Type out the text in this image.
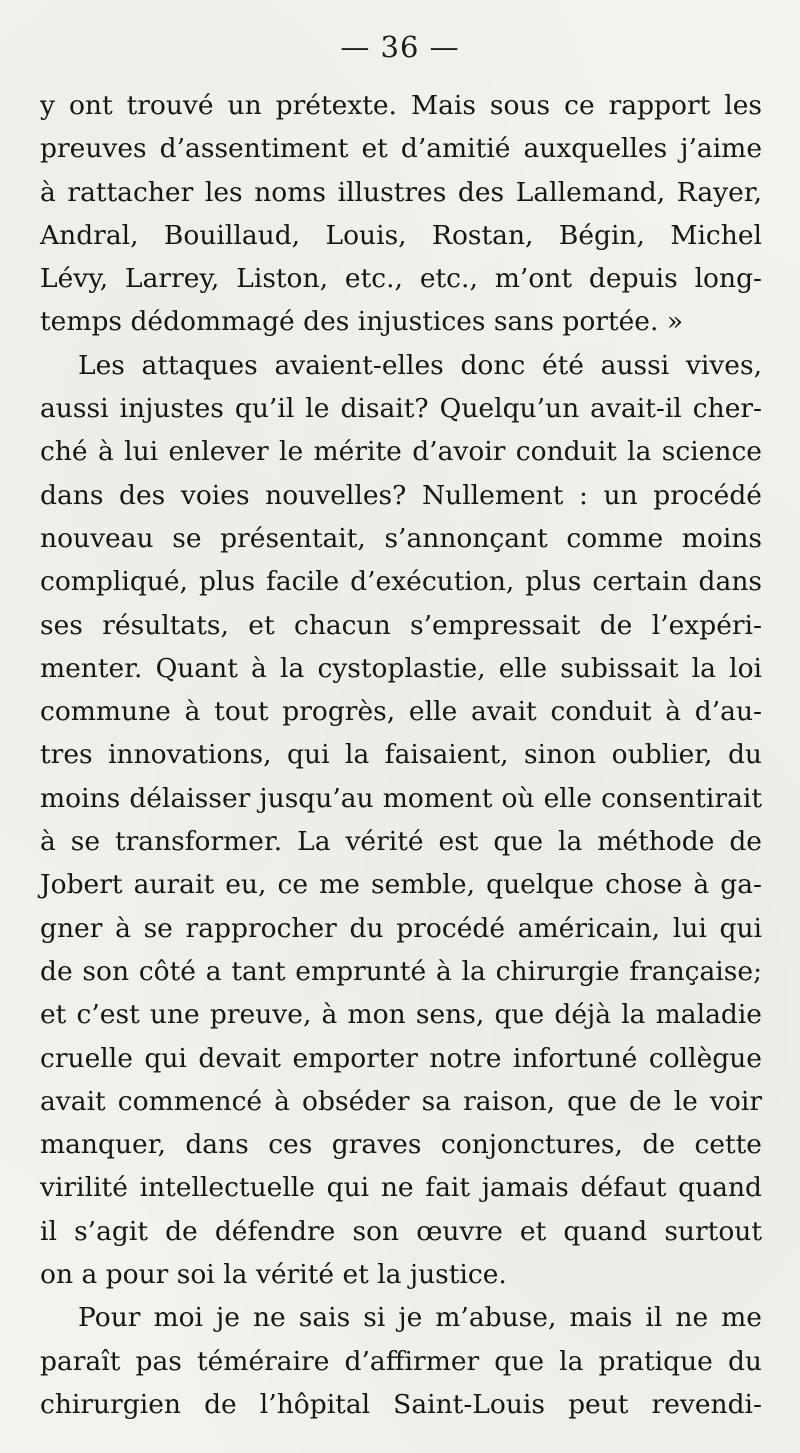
— 36 —
y ont trouvé un prétexte. Mais sous ce rapport les
preuves d’assentiment et d’amitié auxquelles j’aime
à rattacher les noms illustres des Lallemand, Rayer,
Andral, Bouillaud, Louis, Rostan, Bégin, Michel
Lévy, Larrey, Liston, etc., etc., m’ont depuis long-
temps dédommagé des injustices sans portée. »
Les attaques avaient-elles donc été aussi vives,
aussi injustes qu’il le disait? Quelqu’un avait-il cher-
ché à lui enlever le mérite d’avoir conduit la science
dans des voies nouvelles? Nullement : un procédé
nouveau se présentait, s’annonçant comme moins
compliqué, plus facile d’exécution, plus certain dans
ses résultats, et chacun s’empressait de l’expéri-
menter. Quant à la cystoplastie, elle subissait la loi
commune à tout progrès, elle avait conduit à d’au-
tres innovations, qui la faisaient, sinon oublier, du
moins délaisser jusqu’au moment où elle consentirait
à se transformer. La vérité est que la méthode de
Jobert aurait eu, ce me semble, quelque chose à ga-
gner à se rapprocher du procédé américain, lui qui
de son côté a tant emprunté à la chirurgie française;
et c’est une preuve, à mon sens, que déjà la maladie
cruelle qui devait emporter notre infortuné collègue
avait commencé à obséder sa raison, que de le voir
manquer, dans ces graves conjonctures, de cette
virilité intellectuelle qui ne fait jamais défaut quand
il s’agit de défendre son œuvre et quand surtout
on a pour soi la vérité et la justice.
Pour moi je ne sais si je m’abuse, mais il ne me
paraît pas téméraire d’affirmer que la pratique du
chirurgien de l’hôpital Saint-Louis peut revendi-
